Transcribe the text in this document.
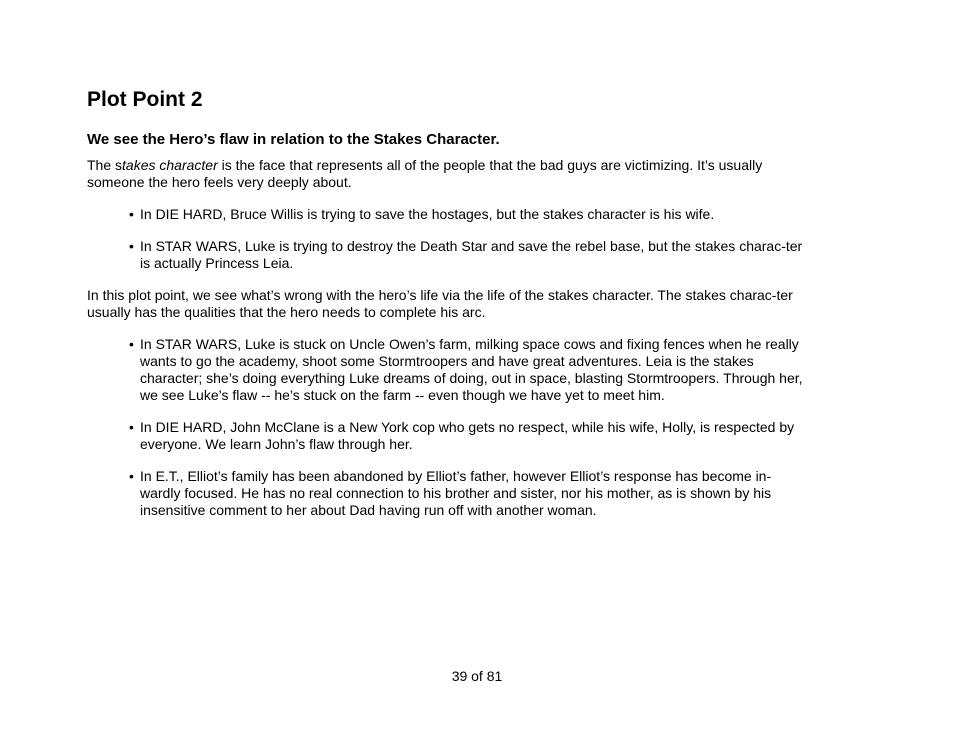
Plot Point 2
We see the Hero’s flaw in relation to the Stakes Character.

The stakes character is the face that represents all of the people that the bad guys are victimizing. It’s usually someone the hero feels very deeply about.

• In DIE HARD, Bruce Willis is trying to save the hostages, but the stakes character is his wife.
• In STAR WARS, Luke is trying to destroy the Death Star and save the rebel base, but the stakes charac-ter is actually Princess Leia.

In this plot point, we see what’s wrong with the hero’s life via the life of the stakes character. The stakes charac-ter usually has the qualities that the hero needs to complete his arc.

• In STAR WARS, Luke is stuck on Uncle Owen’s farm, milking space cows and fixing fences when he really wants to go the academy, shoot some Stormtroopers and have great adventures. Leia is the stakes character; she’s doing everything Luke dreams of doing, out in space, blasting Stormtroopers. Through her, we see Luke’s flaw -- he’s stuck on the farm -- even though we have yet to meet him.
• In DIE HARD, John McClane is a New York cop who gets no respect, while his wife, Holly, is respected by everyone. We learn John’s flaw through her.
• In E.T., Elliot’s family has been abandoned by Elliot’s father, however Elliot’s response has become in-wardly focused. He has no real connection to his brother and sister, nor his mother, as is shown by his insensitive comment to her about Dad having run off with another woman.
39 of 81
